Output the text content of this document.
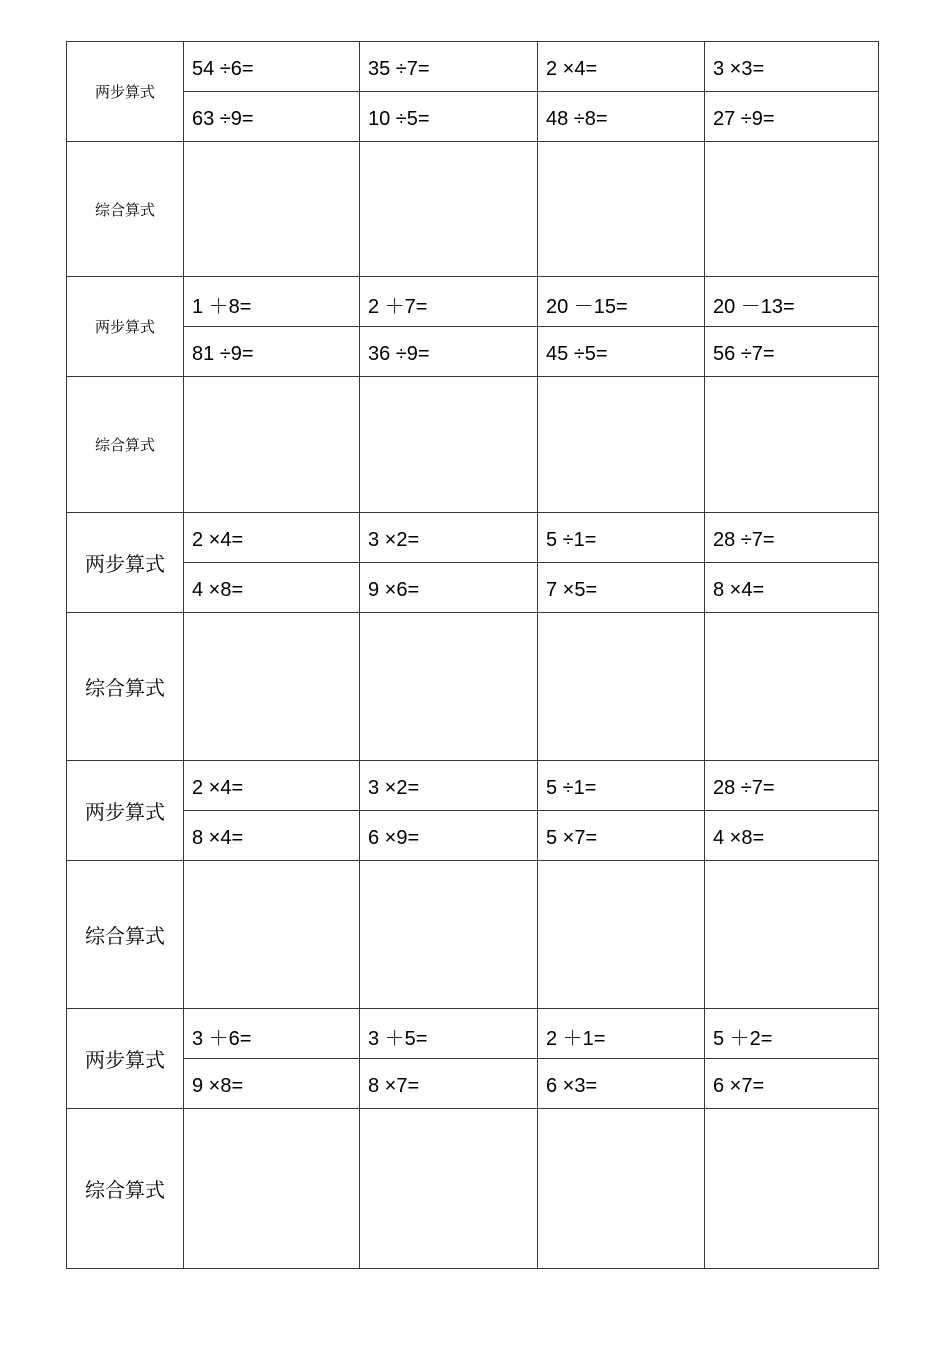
两步算式	54 ÷6=	35 ÷7=	2 ×4=	3 ×3=
	63 ÷9=	10 ÷5=	48 ÷8=	27 ÷9=
综合算式				
两步算式	1 ＋8=	2 ＋7=	20 －15=	20 －13=
	81 ÷9=	36 ÷9=	45 ÷5=	56 ÷7=
综合算式				
两步算式	2 ×4=	3 ×2=	5 ÷1=	28 ÷7=
	4 ×8=	9 ×6=	7 ×5=	8 ×4=
综合算式				
两步算式	2 ×4=	3 ×2=	5 ÷1=	28 ÷7=
	8 ×4=	6 ×9=	5 ×7=	4 ×8=
综合算式				
两步算式	3 ＋6=	3 ＋5=	2 ＋1=	5 ＋2=
	9 ×8=	8 ×7=	6 ×3=	6 ×7=
综合算式				
